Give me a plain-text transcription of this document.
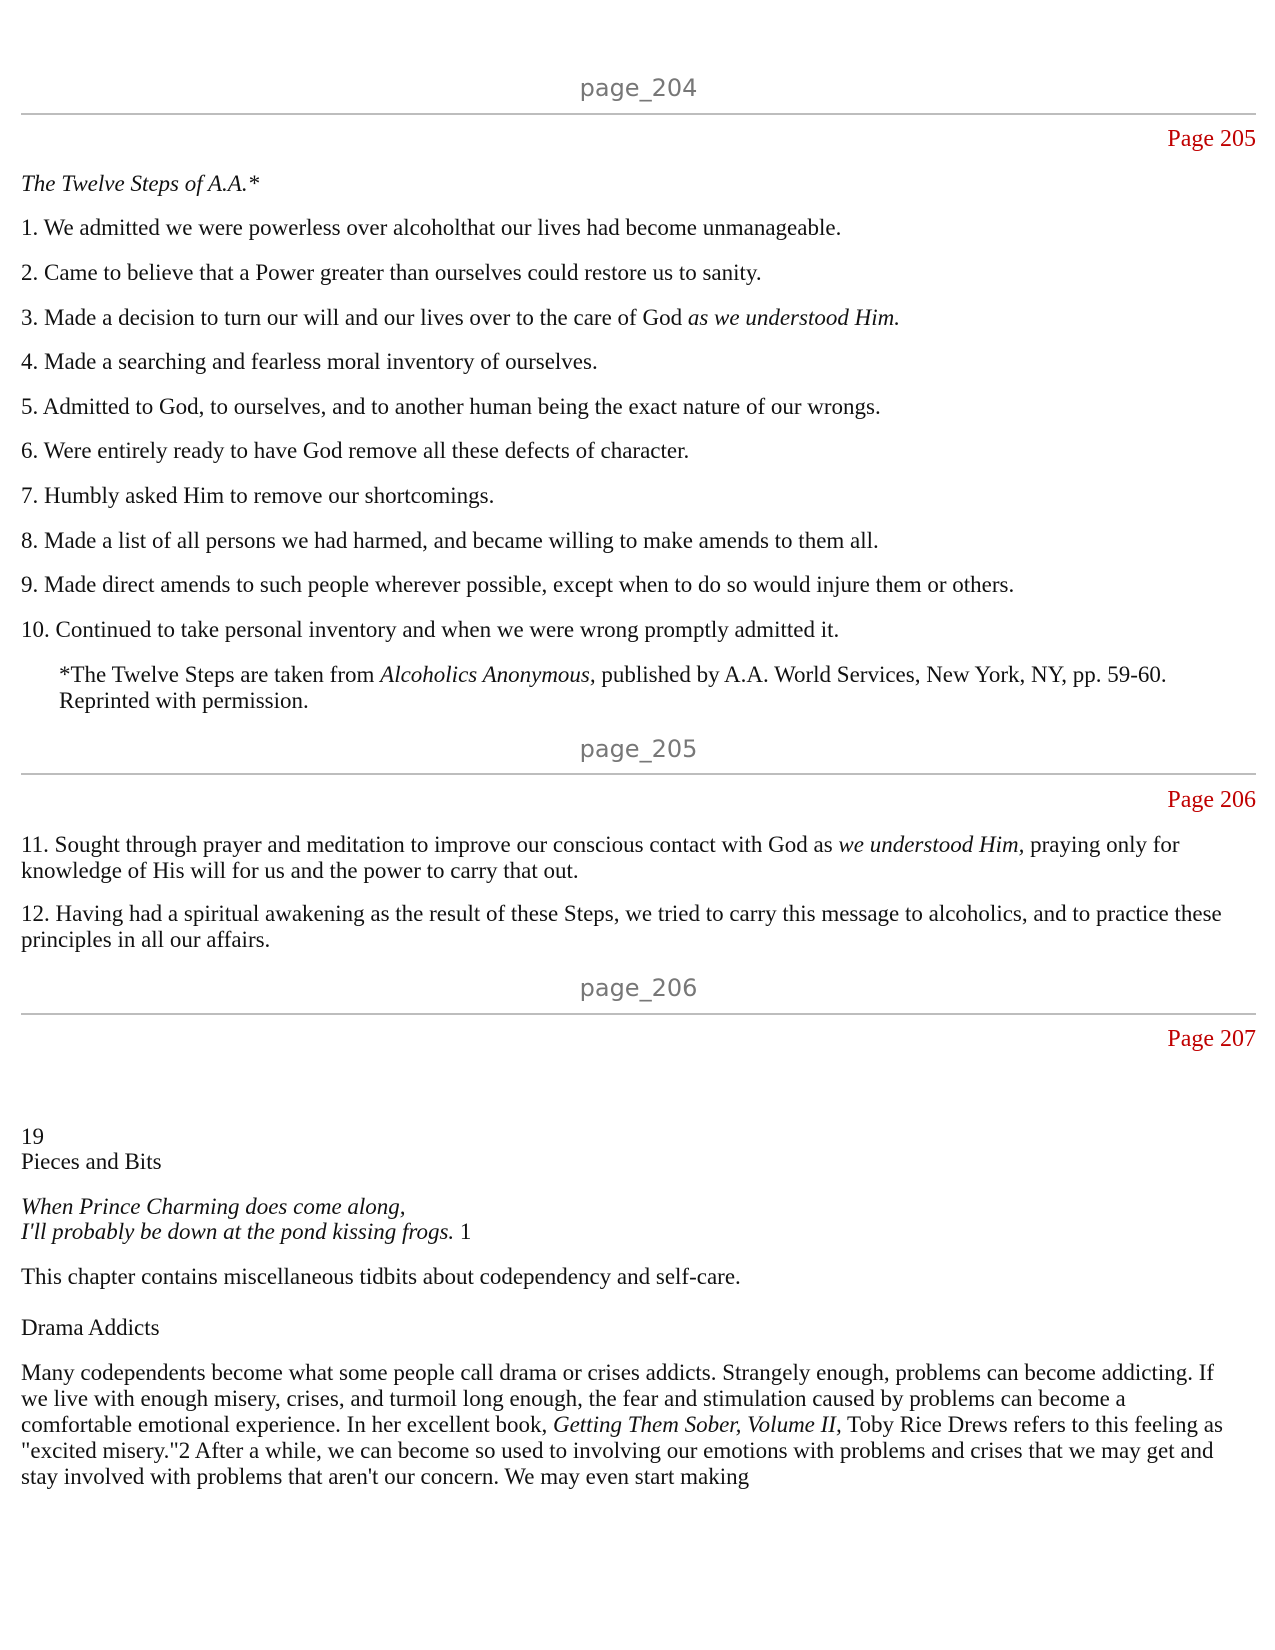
page_204
Page 205

The Twelve Steps of A.A.*

1. We admitted we were powerless over alcoholthat our lives had become unmanageable.

2. Came to believe that a Power greater than ourselves could restore us to sanity.

3. Made a decision to turn our will and our lives over to the care of God as we understood Him.

4. Made a searching and fearless moral inventory of ourselves.

5. Admitted to God, to ourselves, and to another human being the exact nature of our wrongs.

6. Were entirely ready to have God remove all these defects of character.

7. Humbly asked Him to remove our shortcomings.

8. Made a list of all persons we had harmed, and became willing to make amends to them all.

9. Made direct amends to such people wherever possible, except when to do so would injure them or others.

10. Continued to take personal inventory and when we were wrong promptly admitted it.

*The Twelve Steps are taken from Alcoholics Anonymous, published by A.A. World Services, New York, NY, pp. 59-60. Reprinted with permission.

page_205
Page 206

11. Sought through prayer and meditation to improve our conscious contact with God as we understood Him, praying only for knowledge of His will for us and the power to carry that out.

12. Having had a spiritual awakening as the result of these Steps, we tried to carry this message to alcoholics, and to practice these principles in all our affairs.

page_206
Page 207

19

Pieces and Bits

When Prince Charming does come along,

I'll probably be down at the pond kissing frogs. 1

This chapter contains miscellaneous tidbits about codependency and self-care.

Drama Addicts

Many codependents become what some people call drama or crises addicts. Strangely enough, problems can become addicting. If we live with enough misery, crises, and turmoil long enough, the fear and stimulation caused by problems can become a comfortable emotional experience. In her excellent book, Getting Them Sober, Volume II, Toby Rice Drews refers to this feeling as "excited misery."2 After a while, we can become so used to involving our emotions with problems and crises that we may get and stay involved with problems that aren't our concern. We may even start making
